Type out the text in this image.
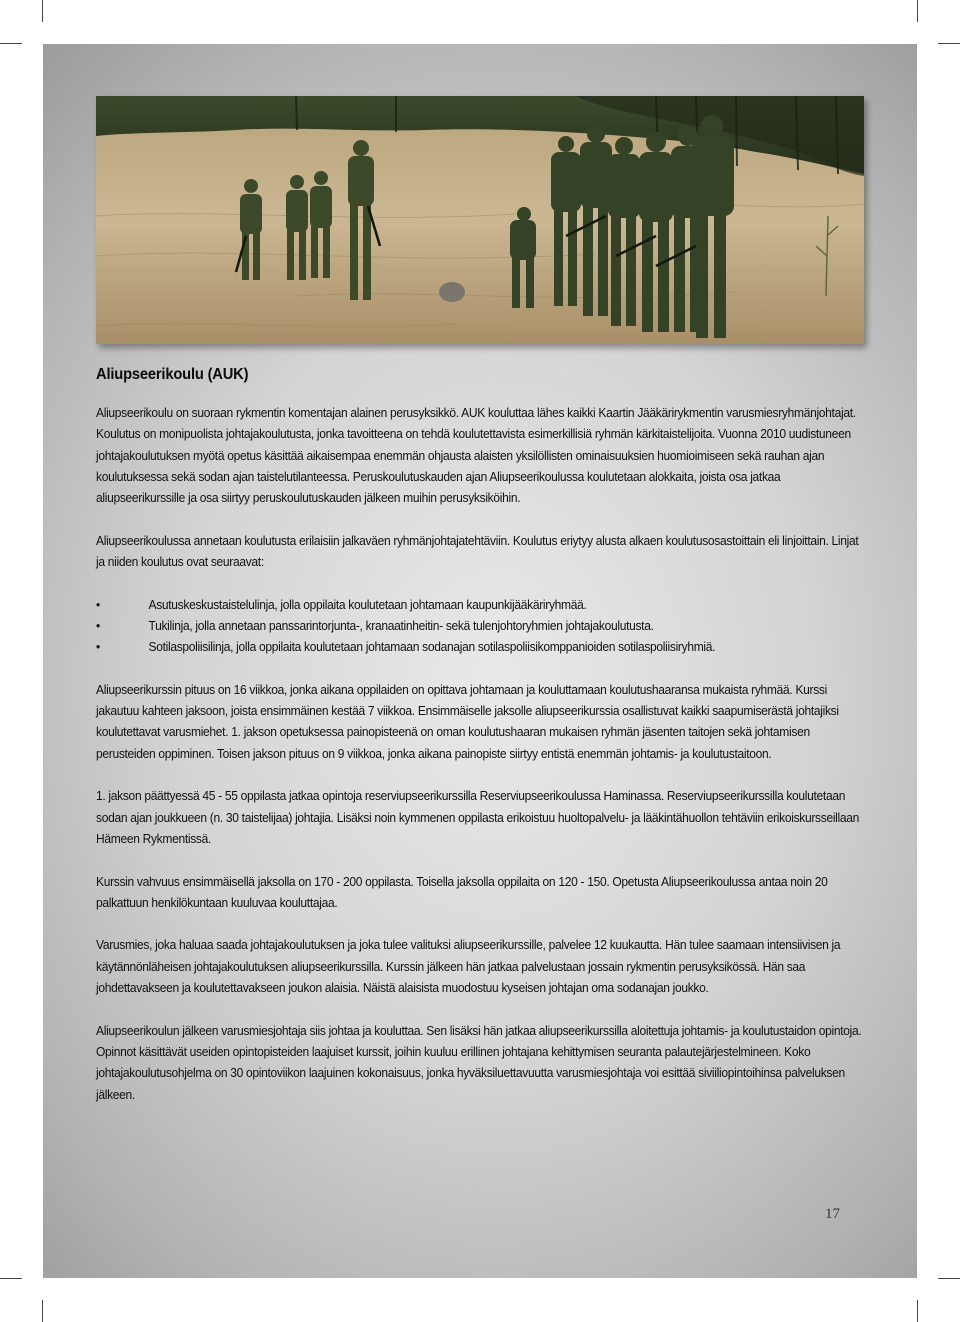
Aliupseerikoulu (AUK)

Aliupseerikoulu on suoraan rykmentin komentajan alainen perusyksikkö. AUK kouluttaa lähes kaikki Kaartin Jääkärirykmentin varusmiesryhmänjohtajat. Koulutus on monipuolista johtajakoulutusta, jonka tavoitteena on tehdä koulutettavista esimerkillisiä ryhmän kärkitaistelijoita. Vuonna 2010 uudistuneen johtajakoulutuksen myötä opetus käsittää aikaisempaa enemmän ohjausta alaisten yksilöllisten ominaisuuksien huomioimiseen sekä rauhan ajan koulutuksessa sekä sodan ajan taistelutilanteessa. Peruskoulutuskauden ajan Aliupseerikoulussa koulutetaan alokkaita, joista osa jatkaa aliupseerikurssille ja osa siirtyy peruskoulutuskauden jälkeen muihin perusyksiköihin.

Aliupseerikoulussa annetaan koulutusta erilaisiin jalkaväen ryhmänjohtajatehtäviin. Koulutus eriytyy alusta alkaen koulutusosastoittain eli linjoittain. Linjat ja niiden koulutus ovat seuraavat:

•	Asutuskeskustaistelulinja, jolla oppilaita koulutetaan johtamaan kaupunkijääkäriryhmää.
•	Tukilinja, jolla annetaan panssarintorjunta-, kranaatinheitin- sekä tulenjohtoryhmien johtajakoulutusta.
•	Sotilaspoliisilinja, jolla oppilaita koulutetaan johtamaan sodanajan sotilaspoliisikomppanioiden sotilaspoliisiryhmiä.

Aliupseerikurssin pituus on 16 viikkoa, jonka aikana oppilaiden on opittava johtamaan ja kouluttamaan koulutushaaransa mukaista ryhmää. Kurssi jakautuu kahteen jaksoon, joista ensimmäinen kestää 7 viikkoa. Ensimmäiselle jaksolle aliupseerikurssia osallistuvat kaikki saapumiserästä johtajiksi koulutettavat varusmiehet. 1. jakson opetuksessa painopisteenä on oman koulutushaaran mukaisen ryhmän jäsenten taitojen sekä johtamisen perusteiden oppiminen. Toisen jakson pituus on 9 viikkoa, jonka aikana painopiste siirtyy entistä enemmän johtamis- ja koulutustaitoon.

1. jakson päättyessä 45 - 55 oppilasta jatkaa opintoja reserviupseerikurssilla Reserviupseerikoulussa Haminassa. Reserviupseerikurssilla koulutetaan sodan ajan joukkueen (n. 30 taistelijaa) johtajia. Lisäksi noin kymmenen oppilasta erikoistuu huoltopalvelu- ja lääkintähuollon tehtäviin erikoiskursseillaan Hämeen Rykmentissä.

Kurssin vahvuus ensimmäisellä jaksolla on 170 - 200 oppilasta. Toisella jaksolla oppilaita on 120 - 150. Opetusta Aliupseerikoulussa antaa noin 20 palkattuun henkilökuntaan kuuluvaa kouluttajaa.

Varusmies, joka haluaa saada johtajakoulutuksen ja joka tulee valituksi aliupseerikurssille, palvelee 12 kuukautta. Hän tulee saamaan intensiivisen ja käytännönläheisen johtajakoulutuksen aliupseerikurssilla. Kurssin jälkeen hän jatkaa palvelustaan jossain rykmentin perusyksikössä. Hän saa johdettavakseen ja koulutettavakseen joukon alaisia. Näistä alaisista muodostuu kyseisen johtajan oma sodanajan joukko.

Aliupseerikoulun jälkeen varusmiesjohtaja siis johtaa ja kouluttaa. Sen lisäksi hän jatkaa aliupseerikurssilla aloitettuja johtamis- ja koulutustaidon opintoja. Opinnot käsittävät useiden opintopisteiden laajuiset kurssit, joihin kuuluu erillinen johtajana kehittymisen seuranta palautejärjestelmineen. Koko johtajakoulutusohjelma on 30 opintoviikon laajuinen kokonaisuus, jonka hyväksiluettavuutta varusmiesjohtaja voi esittää siviiliopintoihinsa palveluksen jälkeen.

17
